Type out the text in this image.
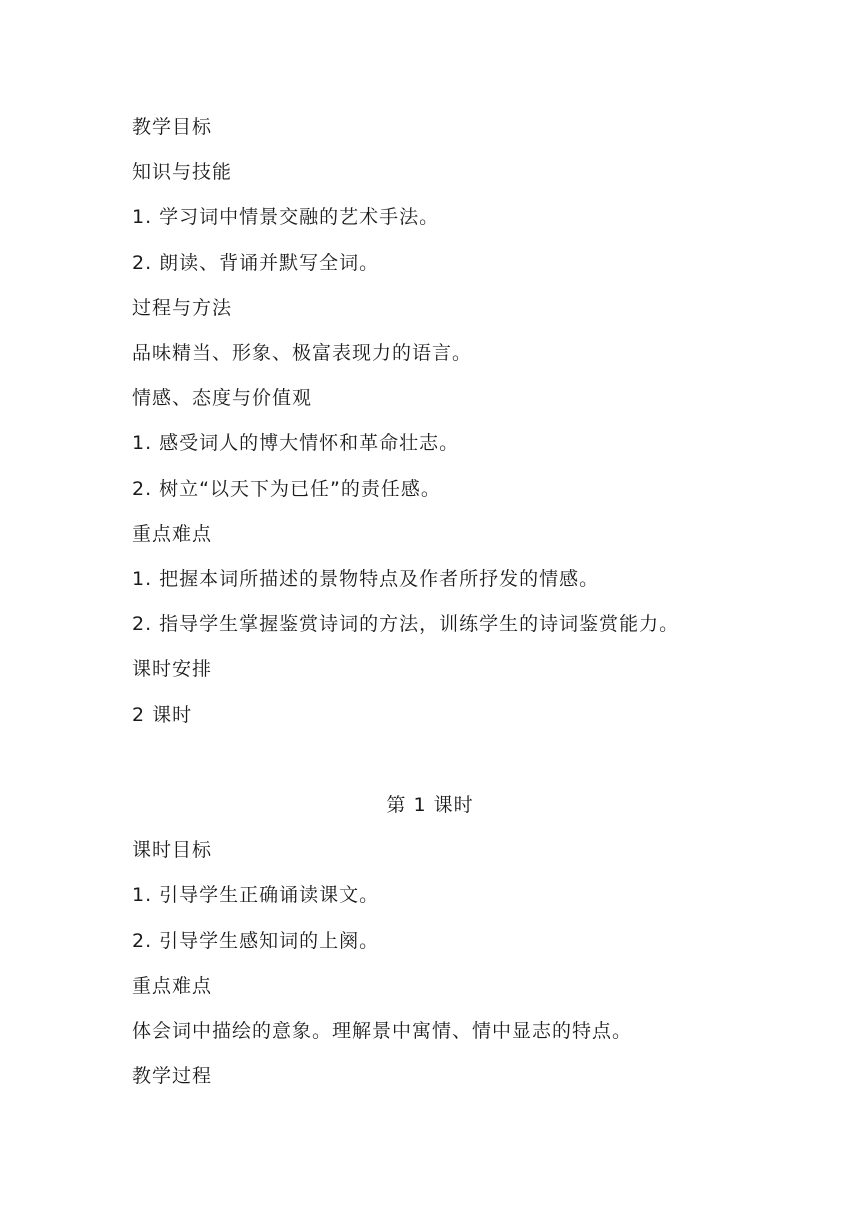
教学目标
知识与技能
1. 学习词中情景交融的艺术手法。
2. 朗读、背诵并默写全词。
过程与方法
品味精当、形象、极富表现力的语言。
情感、态度与价值观
1. 感受词人的博大情怀和革命壮志。
2. 树立“以天下为已任”的责任感。
重点难点
1. 把握本词所描述的景物特点及作者所抒发的情感。
2. 指导学生掌握鉴赏诗词的方法，训练学生的诗词鉴赏能力。
课时安排
2 课时
第 1 课时
课时目标
1. 引导学生正确诵读课文。
2. 引导学生感知词的上阕。
重点难点
体会词中描绘的意象。理解景中寓情、情中显志的特点。
教学过程
